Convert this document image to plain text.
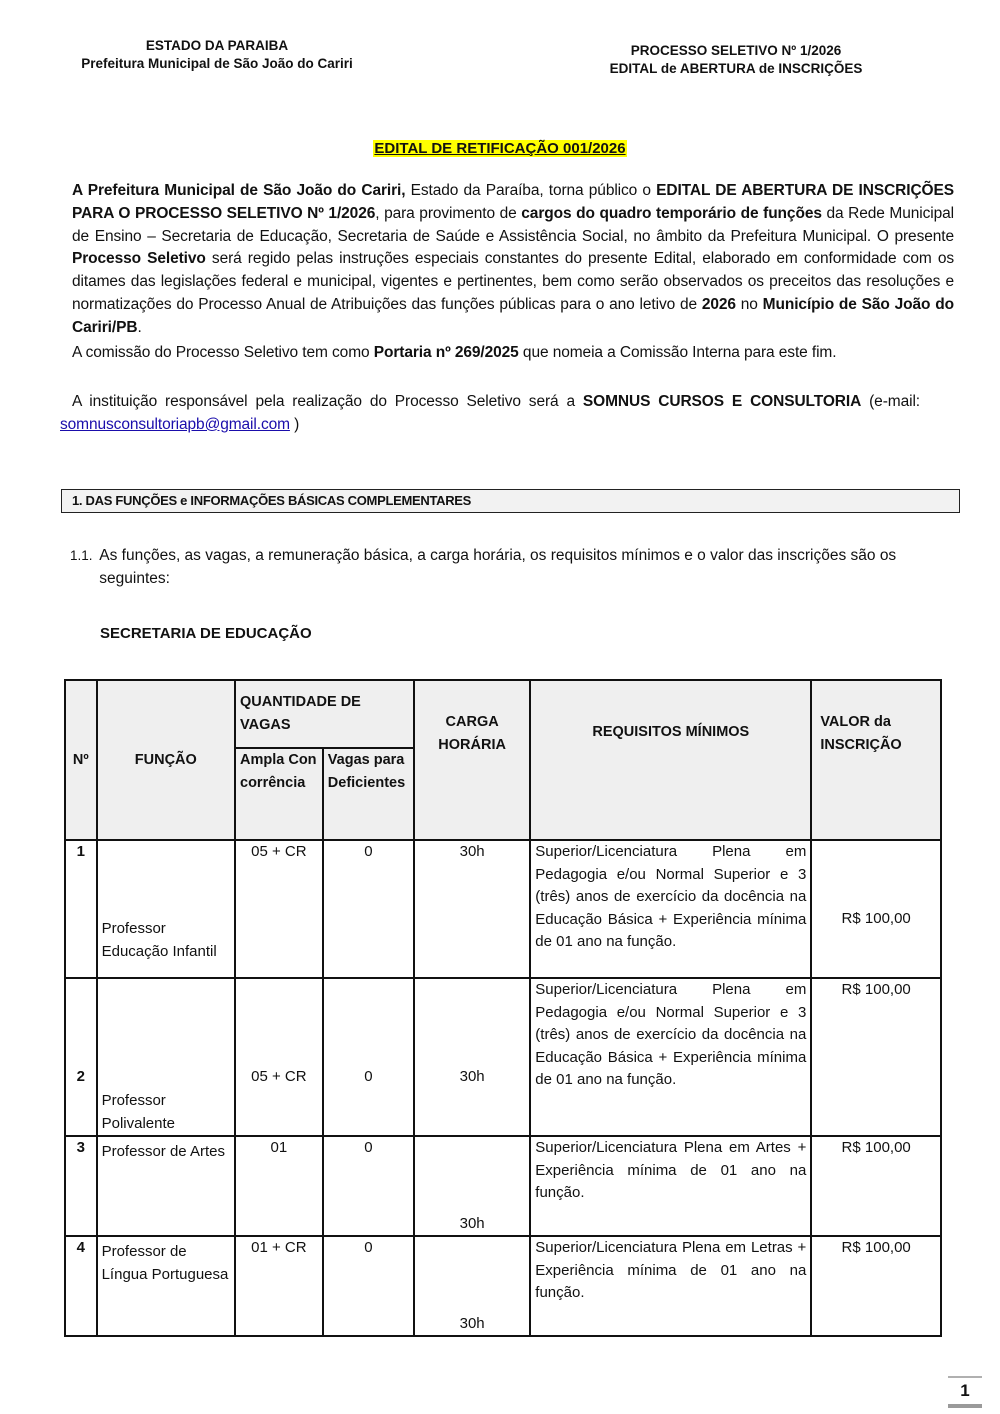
ESTADO DA PARAIBA
Prefeitura Municipal de São João do Cariri
PROCESSO SELETIVO Nº 1/2026
EDITAL de ABERTURA de INSCRIÇÕES
EDITAL DE RETIFICAÇÃO 001/2026
A Prefeitura Municipal de São João do Cariri, Estado da Paraíba, torna público o EDITAL DE ABERTURA DE INSCRIÇÕES PARA O PROCESSO SELETIVO Nº 1/2026, para provimento de cargos do quadro temporário de funções da Rede Municipal de Ensino – Secretaria de Educação, Secretaria de Saúde e Assistência Social, no âmbito da Prefeitura Municipal. O presente Processo Seletivo será regido pelas instruções especiais constantes do presente Edital, elaborado em conformidade com os ditames das legislações federal e municipal, vigentes e pertinentes, bem como serão observados os preceitos das resoluções e normatizações do Processo Anual de Atribuições das funções públicas para o ano letivo de 2026 no Município de São João do Cariri/PB.
A comissão do Processo Seletivo tem como Portaria nº 269/2025 que nomeia a Comissão Interna para este fim.
A instituição responsável pela realização do Processo Seletivo será a SOMNUS CURSOS E CONSULTORIA (e-mail: somnusconsultoriapb@gmail.com )
1. DAS FUNÇÕES e INFORMAÇÕES BÁSICAS COMPLEMENTARES
1.1. As funções, as vagas, a remuneração básica, a carga horária, os requisitos mínimos e o valor das inscrições são os seguintes:
SECRETARIA DE EDUCAÇÃO
Nº	FUNÇÃO	QUANTIDADE DE VAGAS		CARGA HORÁRIA	REQUISITOS MÍNIMOS	VALOR da INSCRIÇÃO
		Ampla Concorrência	Vagas para Deficientes			
1	Professor Educação Infantil	05 + CR	0	30h	Superior/Licenciatura Plena em Pedagogia e/ou Normal Superior e 3 (três) anos de exercício da docência na Educação Básica + Experiência mínima de 01 ano na função.	R$ 100,00
2	Professor Polivalente	05 + CR	0	30h	Superior/Licenciatura Plena em Pedagogia e/ou Normal Superior e 3 (três) anos de exercício da docência na Educação Básica + Experiência mínima de 01 ano na função.	R$ 100,00
3	Professor de Artes	01	0	30h	Superior/Licenciatura Plena em Artes + Experiência mínima de 01 ano na função.	R$ 100,00
4	Professor de Língua Portuguesa	01 + CR	0	30h	Superior/Licenciatura Plena em Letras + Experiência mínima de 01 ano na função.	R$ 100,00
1
